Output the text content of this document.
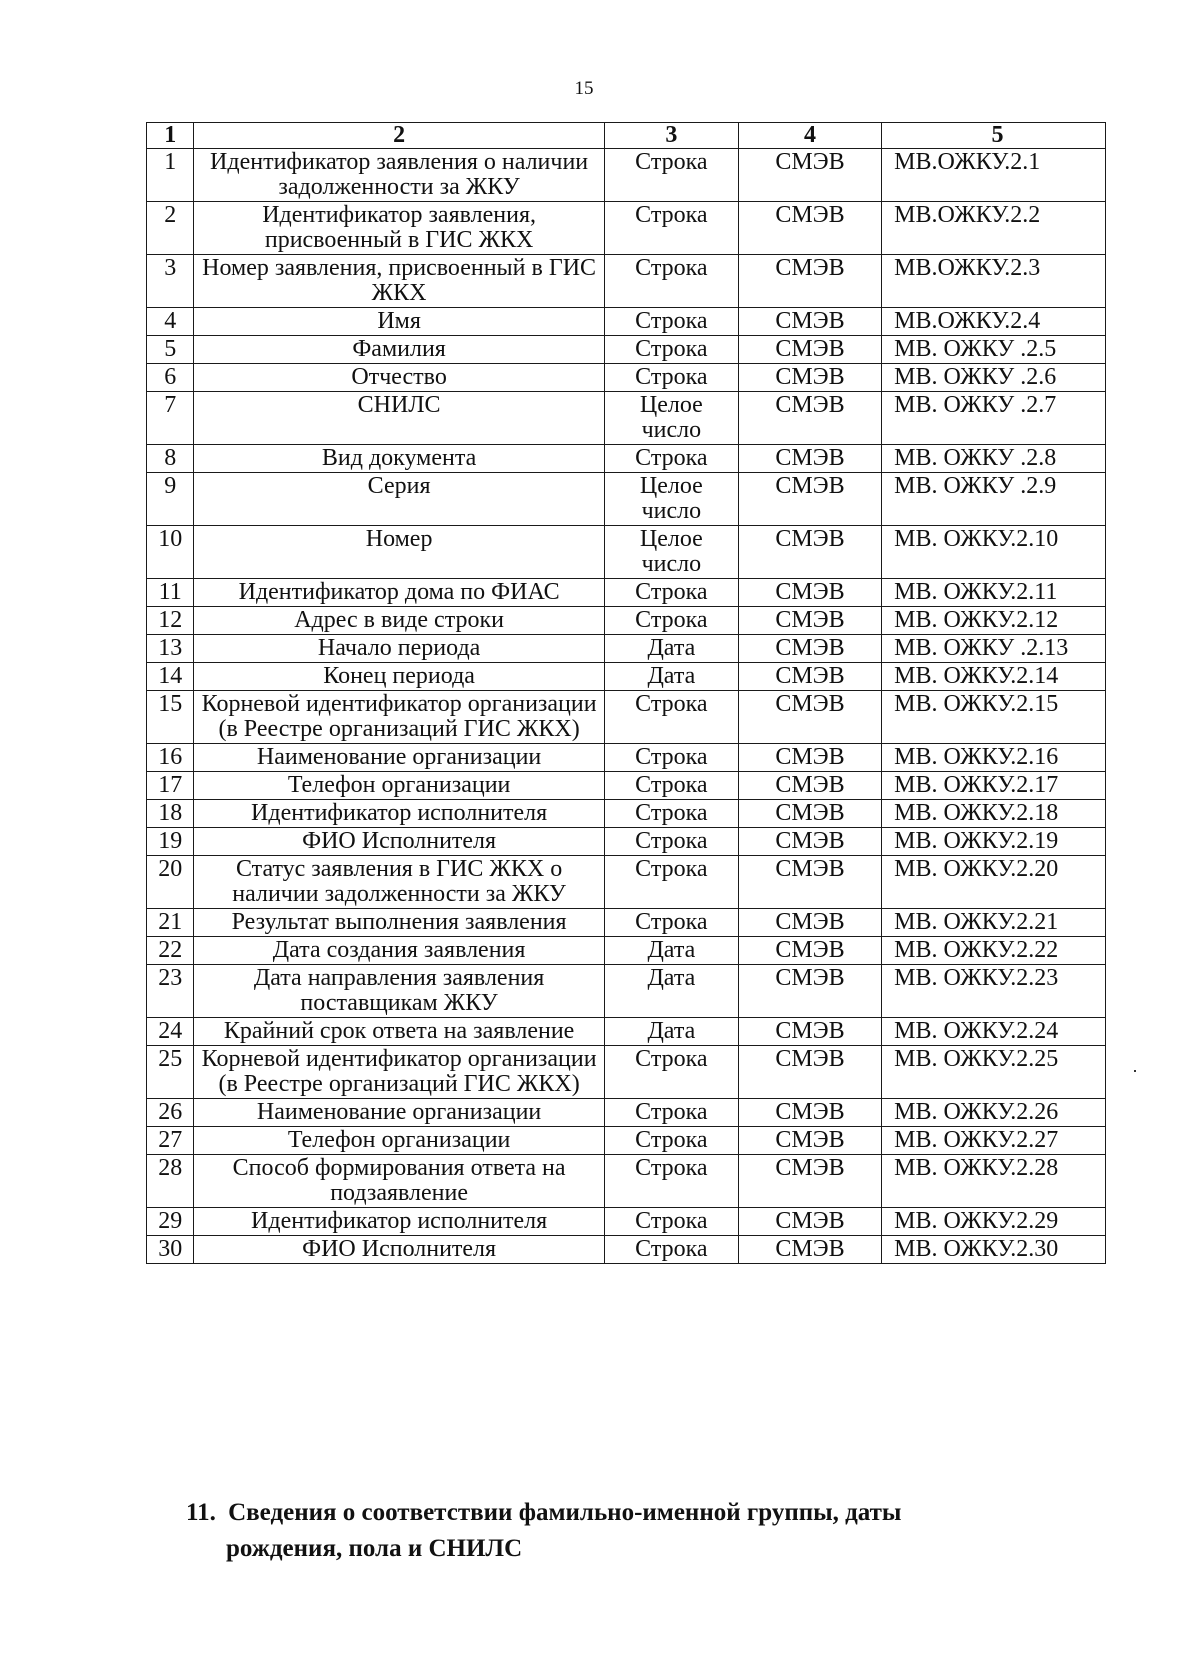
15
1	2	3	4	5
1	Идентификатор заявления о наличии задолженности за ЖКУ	Строка	СМЭВ	МВ.ОЖКУ.2.1
2	Идентификатор заявления, присвоенный в ГИС ЖКХ	Строка	СМЭВ	МВ.ОЖКУ.2.2
3	Номер заявления, присвоенный в ГИС ЖКХ	Строка	СМЭВ	МВ.ОЖКУ.2.3
4	Имя	Строка	СМЭВ	МВ.ОЖКУ.2.4
5	Фамилия	Строка	СМЭВ	МВ. ОЖКУ .2.5
6	Отчество	Строка	СМЭВ	МВ. ОЖКУ .2.6
7	СНИЛС	Целое число	СМЭВ	МВ. ОЖКУ .2.7
8	Вид документа	Строка	СМЭВ	МВ. ОЖКУ .2.8
9	Серия	Целое число	СМЭВ	МВ. ОЖКУ .2.9
10	Номер	Целое число	СМЭВ	МВ. ОЖКУ.2.10
11	Идентификатор дома по ФИАС	Строка	СМЭВ	МВ. ОЖКУ.2.11
12	Адрес в виде строки	Строка	СМЭВ	МВ. ОЖКУ.2.12
13	Начало периода	Дата	СМЭВ	МВ. ОЖКУ .2.13
14	Конец периода	Дата	СМЭВ	МВ. ОЖКУ.2.14
15	Корневой идентификатор организации (в Реестре организаций ГИС ЖКХ)	Строка	СМЭВ	МВ. ОЖКУ.2.15
16	Наименование организации	Строка	СМЭВ	МВ. ОЖКУ.2.16
17	Телефон организации	Строка	СМЭВ	МВ. ОЖКУ.2.17
18	Идентификатор исполнителя	Строка	СМЭВ	МВ. ОЖКУ.2.18
19	ФИО Исполнителя	Строка	СМЭВ	МВ. ОЖКУ.2.19
20	Статус заявления в ГИС ЖКХ о наличии задолженности за ЖКУ	Строка	СМЭВ	МВ. ОЖКУ.2.20
21	Результат выполнения заявления	Строка	СМЭВ	МВ. ОЖКУ.2.21
22	Дата создания заявления	Дата	СМЭВ	МВ. ОЖКУ.2.22
23	Дата направления заявления поставщикам ЖКУ	Дата	СМЭВ	МВ. ОЖКУ.2.23
24	Крайний срок ответа на заявление	Дата	СМЭВ	МВ. ОЖКУ.2.24
25	Корневой идентификатор организации (в Реестре организаций ГИС ЖКХ)	Строка	СМЭВ	МВ. ОЖКУ.2.25
26	Наименование организации	Строка	СМЭВ	МВ. ОЖКУ.2.26
27	Телефон организации	Строка	СМЭВ	МВ. ОЖКУ.2.27
28	Способ формирования ответа на подзаявление	Строка	СМЭВ	МВ. ОЖКУ.2.28
29	Идентификатор исполнителя	Строка	СМЭВ	МВ. ОЖКУ.2.29
30	ФИО Исполнителя	Строка	СМЭВ	МВ. ОЖКУ.2.30
11. Сведения о соответствии фамильно-именной группы, даты
рождения, пола и СНИЛС
